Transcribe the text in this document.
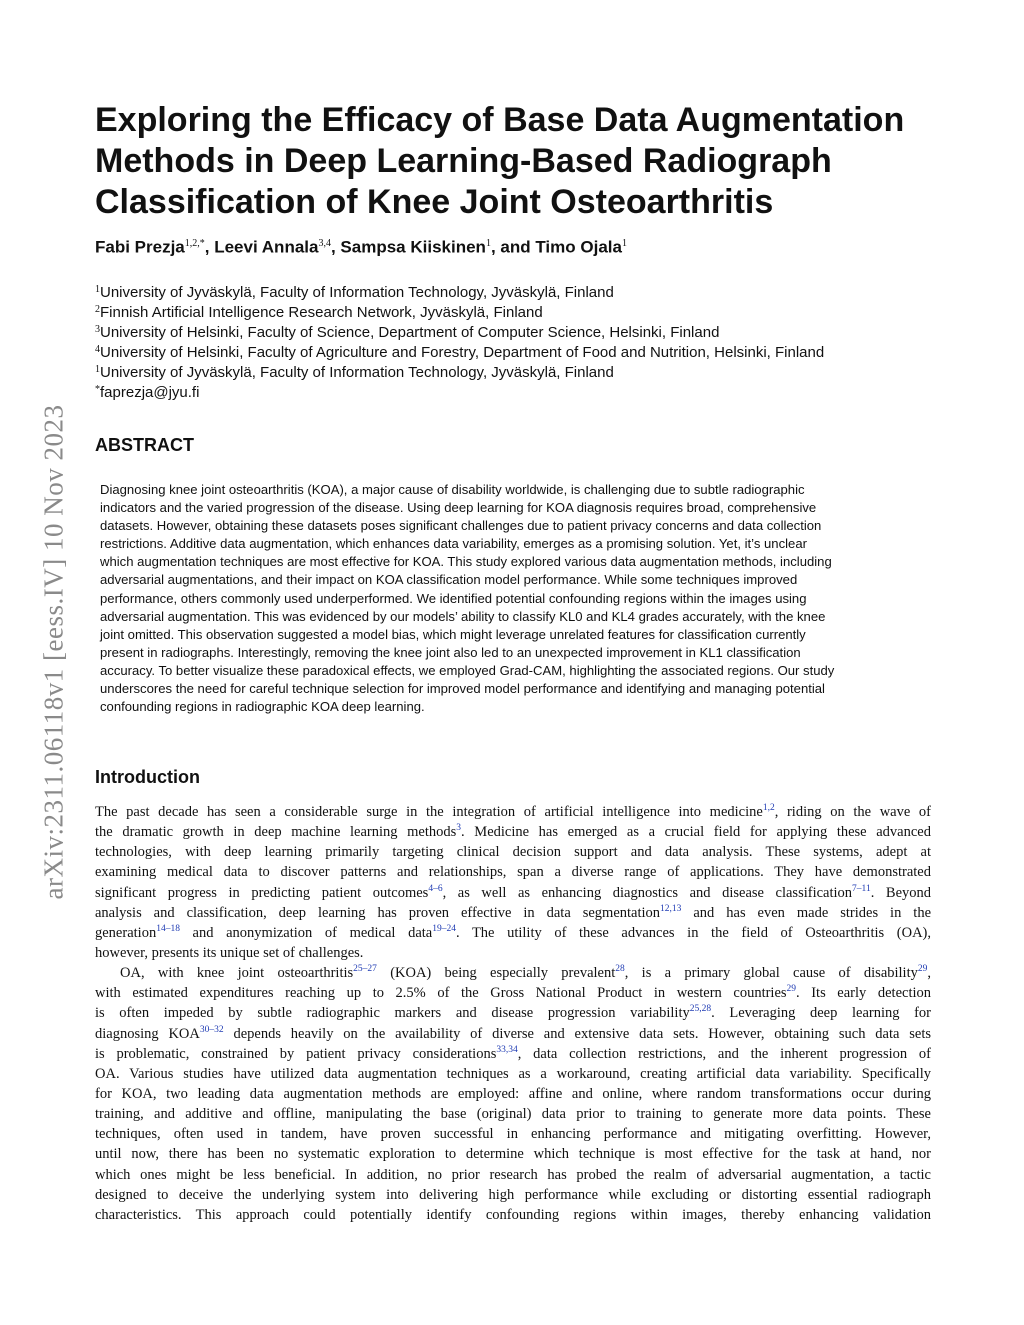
arXiv:2311.06118v1 [eess.IV] 10 Nov 2023
Exploring the Efficacy of Base Data Augmentation
Methods in Deep Learning-Based Radiograph
Classification of Knee Joint Osteoarthritis
Fabi Prezja$^{1,2,*}$, Leevi Annala$^{3,4}$, Sampsa Kiiskinen$^1$, and Timo Ojala$^1$
$^1$University of Jyväskylä, Faculty of Information Technology, Jyväskylä, Finland
$^2$Finnish Artificial Intelligence Research Network, Jyväskylä, Finland
$^3$University of Helsinki, Faculty of Science, Department of Computer Science, Helsinki, Finland
$^4$University of Helsinki, Faculty of Agriculture and Forestry, Department of Food and Nutrition, Helsinki, Finland
$^1$University of Jyväskylä, Faculty of Information Technology, Jyväskylä, Finland
*faprezja@jyu.fi
ABSTRACT
Diagnosing knee joint osteoarthritis (KOA), a major cause of disability worldwide, is challenging due to subtle radiographic
indicators and the varied progression of the disease. Using deep learning for KOA diagnosis requires broad, comprehensive
datasets. However, obtaining these datasets poses significant challenges due to patient privacy concerns and data collection
restrictions. Additive data augmentation, which enhances data variability, emerges as a promising solution. Yet, it’s unclear
which augmentation techniques are most effective for KOA. This study explored various data augmentation methods, including
adversarial augmentations, and their impact on KOA classification model performance. While some techniques improved
performance, others commonly used underperformed. We identified potential confounding regions within the images using
adversarial augmentation. This was evidenced by our models’ ability to classify KL0 and KL4 grades accurately, with the knee
joint omitted. This observation suggested a model bias, which might leverage unrelated features for classification currently
present in radiographs. Interestingly, removing the knee joint also led to an unexpected improvement in KL1 classification
accuracy. To better visualize these paradoxical effects, we employed Grad-CAM, highlighting the associated regions. Our study
underscores the need for careful technique selection for improved model performance and identifying and managing potential
confounding regions in radiographic KOA deep learning.
Introduction
The past decade has seen a considerable surge in the integration of artificial intelligence into medicine$^{1,2}$, riding on the wave of
the dramatic growth in deep machine learning methods$^3$. Medicine has emerged as a crucial field for applying these advanced
technologies, with deep learning primarily targeting clinical decision support and data analysis. These systems, adept at
examining medical data to discover patterns and relationships, span a diverse range of applications. They have demonstrated
significant progress in predicting patient outcomes$^{4-6}$, as well as enhancing diagnostics and disease classification$^{7-11}$. Beyond
analysis and classification, deep learning has proven effective in data segmentation$^{12,13}$ and has even made strides in the
generation$^{14-18}$ and anonymization of medical data$^{19-24}$. The utility of these advances in the field of Osteoarthritis (OA),
however, presents its unique set of challenges.
OA, with knee joint osteoarthritis$^{25-27}$ (KOA) being especially prevalent$^{28}$, is a primary global cause of disability$^{29}$,
with estimated expenditures reaching up to 2.5% of the Gross National Product in western countries$^{29}$. Its early detection
is often impeded by subtle radiographic markers and disease progression variability$^{25,28}$. Leveraging deep learning for
diagnosing KOA$^{30-32}$ depends heavily on the availability of diverse and extensive data sets. However, obtaining such data sets
is problematic, constrained by patient privacy considerations$^{33,34}$, data collection restrictions, and the inherent progression of
OA. Various studies have utilized data augmentation techniques as a workaround, creating artificial data variability. Specifically
for KOA, two leading data augmentation methods are employed: affine and online, where random transformations occur during
training, and additive and offline, manipulating the base (original) data prior to training to generate more data points. These
techniques, often used in tandem, have proven successful in enhancing performance and mitigating overfitting. However,
until now, there has been no systematic exploration to determine which technique is most effective for the task at hand, nor
which ones might be less beneficial. In addition, no prior research has probed the realm of adversarial augmentation, a tactic
designed to deceive the underlying system into delivering high performance while excluding or distorting essential radiograph
characteristics. This approach could potentially identify confounding regions within images, thereby enhancing validation
